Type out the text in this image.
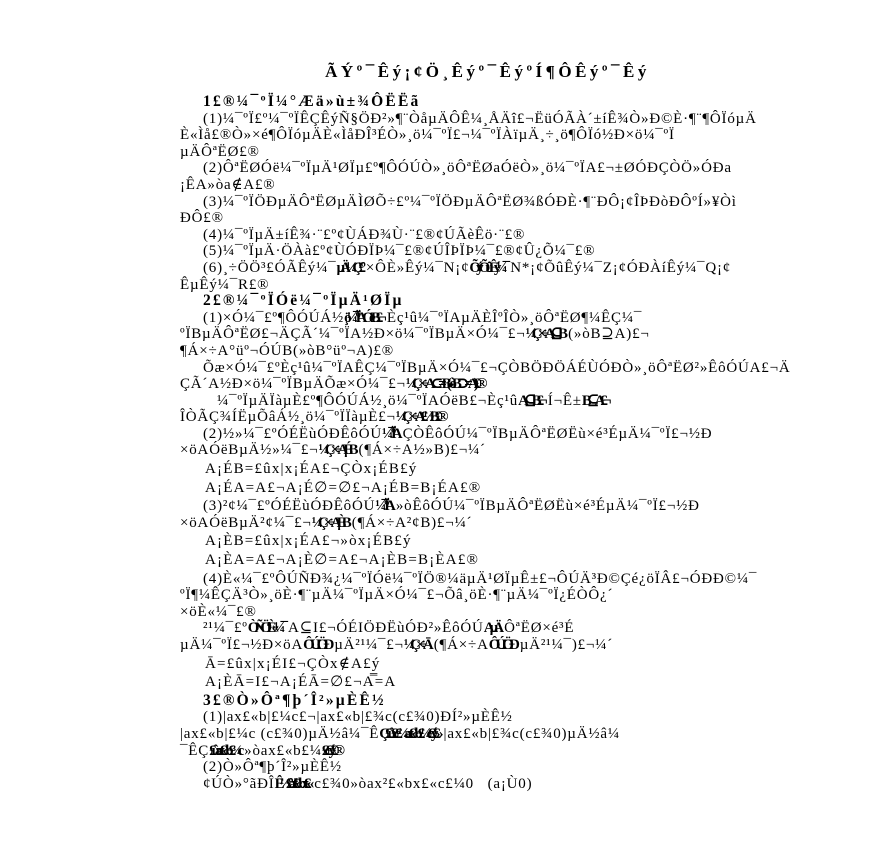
ÃÝº¯Êý¡¢Ö¸Êýº¯ÊýºÍ¶ÔÊýº¯Êý
1£®¼¯ºÏ¼°Æä»ù±¾ÔËËã
(1)¼¯ºÏ£º¼¯ºÏÊÇÊýÑ§ÖÐ²»¶¨ÒåµÄÔÊ¼¸ÅÄî£¬ËüÓÃÀ´±íÊ¾Ò»Ð©È·¶¨¶ÔÏóµÄ
È«Ìå£®Ò»×é¶ÔÏóµÄÈ«ÌåÐÎ³ÉÒ»¸ö¼¯ºÏ£¬¼¯ºÏÀïµÄ¸÷¸ö¶ÔÏó½Ð×ö¼¯ºÏ
µÄÔªËØ£®
(2)ÔªËØÓë¼¯ºÏµÄ¹ØÏµ£º¶ÔÓÚÒ»¸öÔªËØaÓëÒ»¸ö¼¯ºÏA£¬±ØÓÐÇÒÖ»ÓÐa
¡ÊA»òa∉A£®
(3)¼¯ºÏÖÐµÄÔªËØµÄÌØÕ÷£º¼¯ºÏÖÐµÄÔªËØ¾ßÓÐÈ·¶¨ÐÔ¡¢ÎÞÐòÐÔºÍ»¥Òì
ÐÔ£®
(4)¼¯ºÏµÄ±íÊ¾·¨£º¢ÙÁÐ¾Ù·¨£®¢ÚÃèÊö·¨£®
(5)¼¯ºÏµÄ·ÖÀà£º¢ÙÓÐÏÞ¼¯£®¢ÚÎÞÏÞ¼¯£®¢Û¿Õ¼¯£®
(6)¸÷ÖÖ³£ÓÃÊý¼¯µÄ¼Ç·¨£º ×ÔÈ»Êý¼¯N¡¢ÕýÕûÊý¼¯ N*¡¢ÕûÊý¼¯Z¡¢ÓÐÀíÊý¼¯Q¡¢
ÊµÊý¼¯R£®
2£®¼¯ºÏÓë¼¯ºÏµÄ¹ØÏµ
(1)×Ó¼¯£º¶ÔÓÚÁ½¸ö¼¯ºÏAÓëB£¬ Èç¹û¼¯ºÏAµÄÈÎºÎÒ»¸öÔªËØ¶¼ÊÇ¼¯
ºÏBµÄÔªËØ£¬ÄÇÃ´¼¯ºÏA½Ð×ö¼¯ºÏBµÄ×Ó¼¯£¬¼Ç×÷A⊆B (»òB⊇A)£¬
¶Á×÷A°üº¬ÓÚB(»òB°üº¬A)£®
Õæ×Ó¼¯£ºÈç¹û¼¯ºÏAÊÇ¼¯ºÏBµÄ×Ó¼¯£¬ÇÒBÖÐÖÁÉÙÓÐÒ»¸öÔªËØ²»ÊôÓÚA£¬Ä
ÇÃ´A½Ð×ö¼¯ºÏBµÄÕæ×Ó¼¯£¬¼Ç×÷A⊂≠B(»òB⊃≠A)£®
¼¯ºÏµÄÏàµÈ£º¶ÔÓÚÁ½¸ö¼¯ºÏAÓëB£¬Èç¹ûA⊆B£¬ Í¬Ê±B⊆A£¬
ÎÒÃÇ¾ÍËµÕâÁ½¸ö¼¯ºÏÏàµÈ£¬¼Ç×÷A£½B£®
(2)½»¼¯£ºÓÉËùÓÐÊôÓÚ¼¯ºÏA ÇÒÊôÓÚ¼¯ºÏBµÄÔªËØËù×é³ÉµÄ¼¯ºÏ£¬½Ð
×öAÓëBµÄ½»¼¯£¬¼Ç×÷A¡ÉB (¶Á×÷A½»B)£¬¼´
A¡ÉB=£ûx|x¡ÉA£¬ÇÒx¡ÉB£ý
A¡ÉA=A£¬A¡É∅=∅£¬A¡ÉB=B¡ÉA£®
(3)²¢¼¯£ºÓÉËùÓÐÊôÓÚ¼¯ºÏA »òÊôÓÚ¼¯ºÏBµÄÔªËØËù×é³ÉµÄ¼¯ºÏ£¬½Ð
×öAÓëBµÄ²¢¼¯£¬¼Ç×÷A¡ÈB (¶Á×÷A²¢B)£¬¼´
A¡ÈB=£ûx|x¡ÉA£¬»òx¡ÉB£ý
A¡ÈA=A£¬A¡È∅=A£¬A¡ÈB=B¡ÈA£®
(4)È«¼¯£ºÔÚÑÐ¾¿¼¯ºÏÓë¼¯ºÏÖ®¼äµÄ¹ØÏµÊ±£¬ÔÚÄ³Ð©Çé¿öÏÂ£¬ÓÐÐ©¼¯
ºÏ¶¼ÊÇÄ³Ò»¸öÈ·¶¨µÄ¼¯ºÏµÄ×Ó¼¯£¬Õâ¸öÈ·¶¨µÄ¼¯ºÏ¿ÉÒÔ¿´
×öÈ«¼¯£®
²¹¼¯£ºÒÑÖªÈ«¼¯ A⊆I£¬ÓÉIÖÐËùÓÐ²»ÊôÓÚAµÄ ÔªËØ×é³É
µÄ¼¯ºÏ£¬½Ð×öAÔÚIÖÐ µÄ²¹¼¯£¬¼Ç×÷Ā (¶Á×÷AÔÚIÖÐ µÄ²¹¼¯)£¬¼´
Ā=£ûx|x¡ÉI£¬ÇÒx∉A£ý
A¡ÈĀ=I£¬A¡ÉĀ=∅£¬A̿=A
3£®Ò»Ôª¶þ´Î²»µÈÊ½
(1)|ax£«b|£¼c£¬|ax£«b|£¾c(c£¾0)ÐÍ²»µÈÊ½
|ax£«b|£¼c (c£¾0)µÄ½â¼¯ÊÇ£û£c£¼ax£«b£¼c£ý£» |ax£«b|£¾c(c£¾0)µÄ½â¼
¯ÊÇ£ûax£«b£¾c »òax£«b£¼£c£ý£®
(2)Ò»Ôª¶þ´Î²»µÈÊ½
¢ÚÒ»°ãÐÎÊ½£ºax²£«bx£« c£¾0»òax²£«bx£«c£¼0   (a¡Ù0)
